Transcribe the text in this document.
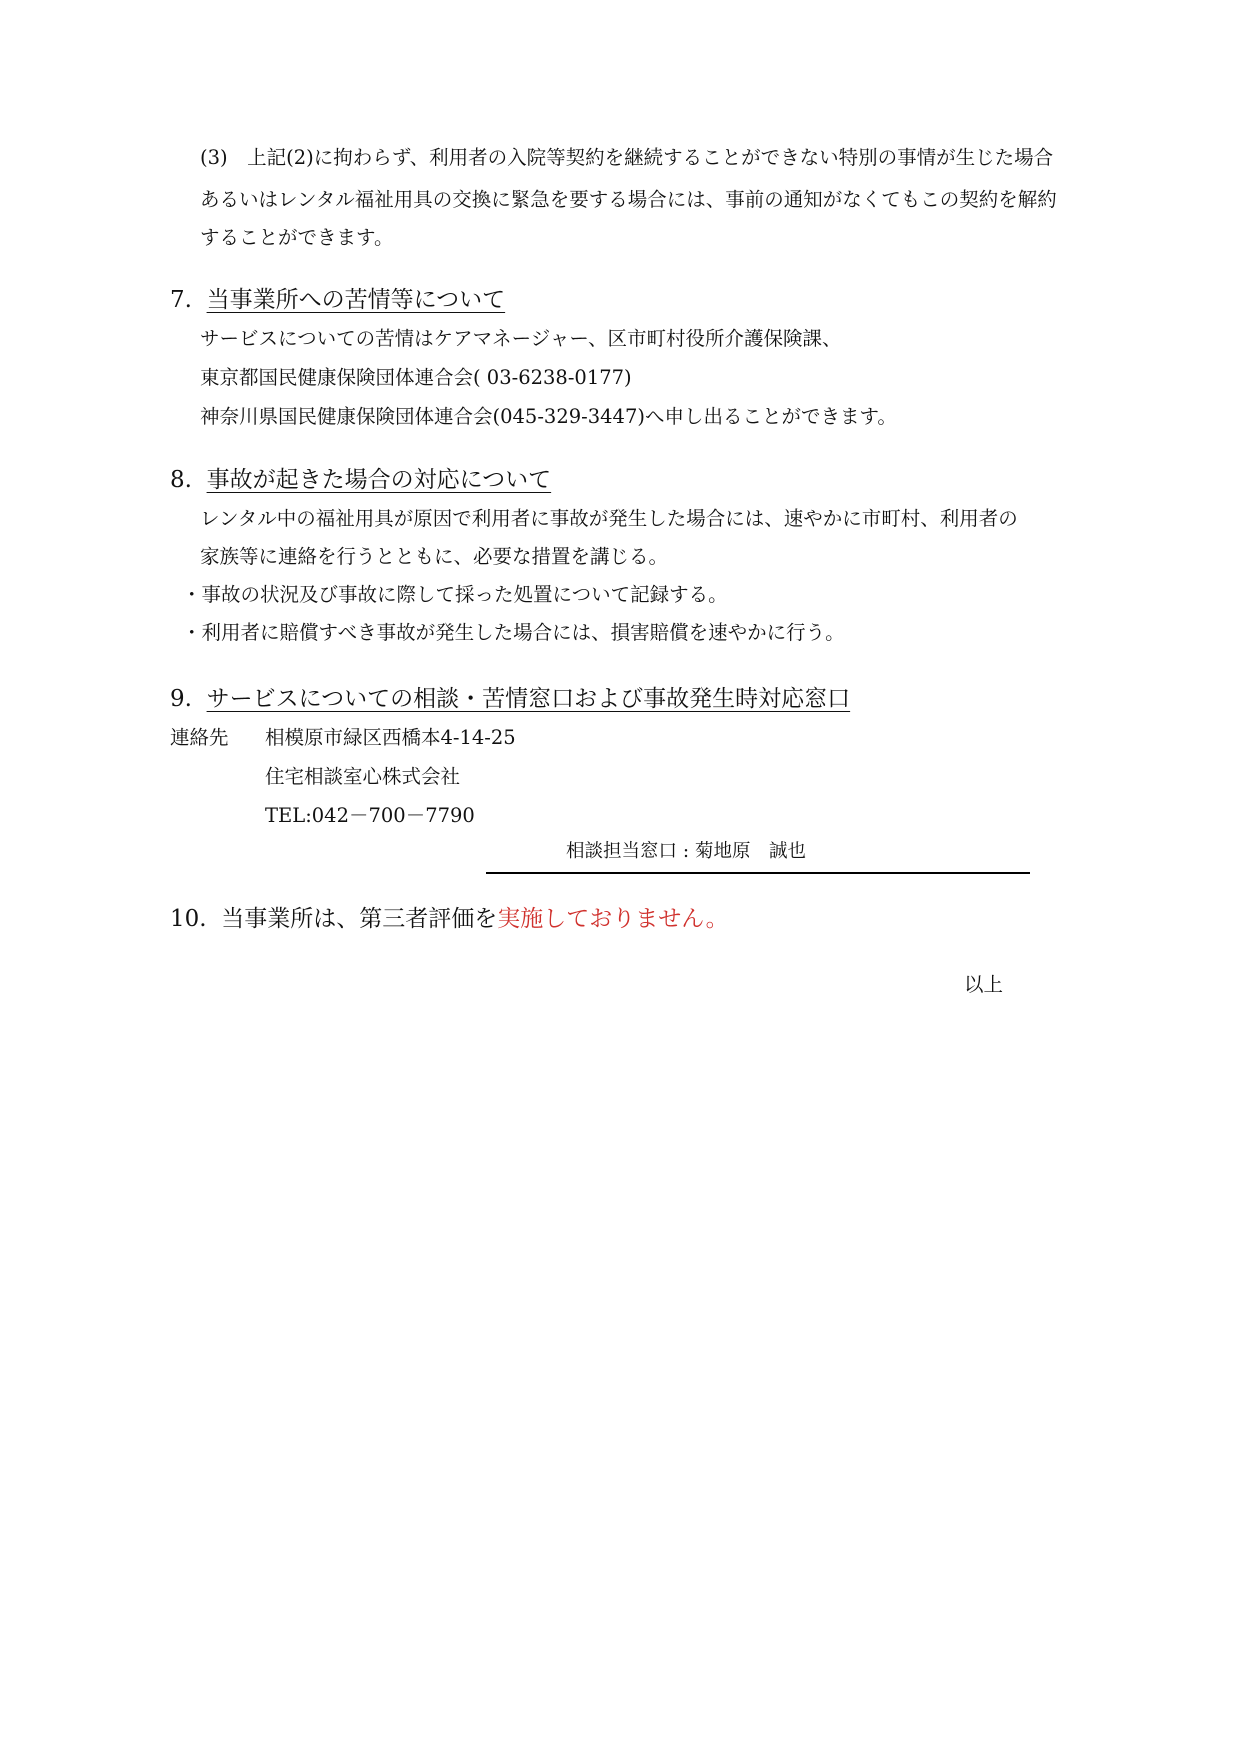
(3)　上記(2)に拘わらず、利用者の入院等契約を継続することができない特別の事情が生じた場合
あるいはレンタル福祉用具の交換に緊急を要する場合には、事前の通知がなくてもこの契約を解約
することができます。
7. 当事業所への苦情等について
サービスについての苦情はケアマネージャー、区市町村役所介護保険課、
東京都国民健康保険団体連合会( 03-6238-0177)
神奈川県国民健康保険団体連合会(045-329-3447)へ申し出ることができます。
8. 事故が起きた場合の対応について
レンタル中の福祉用具が原因で利用者に事故が発生した場合には、速やかに市町村、利用者の
家族等に連絡を行うとともに、必要な措置を講じる。
・事故の状況及び事故に際して採った処置について記録する。
・利用者に賠償すべき事故が発生した場合には、損害賠償を速やかに行う。
9. サービスについての相談・苦情窓口および事故発生時対応窓口
連絡先 相模原市緑区西橋本4-14-25
住宅相談室心株式会社
TEL:042－700－7790
相談担当窓口 : 菊地原　誠也
10. 当事業所は、第三者評価を実施しておりません。
以上
